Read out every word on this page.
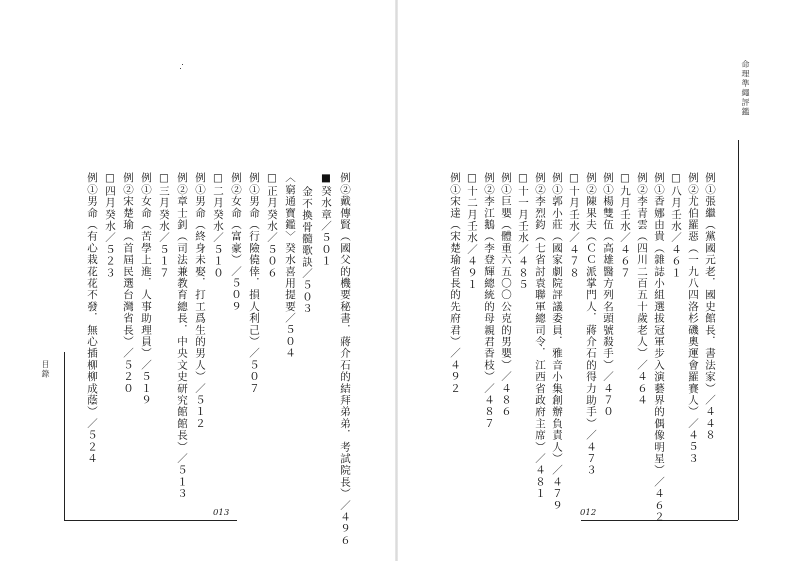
目錄
013	例②戴傳賢（國父的機要秘書．蔣介石的結拜弟弟．考試院長）／４９６
■癸水章／５０１
金不換骨髓歌訣／５０３
〈窮通寶鑑〉癸水喜用提要／５０４
□正月癸水／５０６
例①男命（行險僥倖．損人利己）／５０７
例②女命（富豪）／５０９
□二月癸水／５１０
例①男命（終身未娶．打工爲生的男人）／５１２
例②章士釗（司法兼教育總長．中央文史研究館館長）／５１３
□三月癸水／５１７
例①女命（苦學上進．人事助理員）／５１９
例②宋楚瑜（首屆民選台灣省長）／５２０
□四月癸水／５２３
例①男命（有心栽花花不發．無心插柳柳成蔭）／５２４
命理準繩評鑑
012
例①張繼（黨國元老．國史館長．書法家）／４４８
例②尤伯羅惡（一九八四洛杉磯奧運會羅賽人）／４５３
□八月壬水／４６１
例①香娜由貴（雜誌小組選拔冠軍步入演藝界的偶像明星）／４６２
例②李青雲（四川二百五十歲老人）／４６４
□九月壬水／４６７
例①楊雙伍（高雄醫方列名頭號殺手）／４７０
例②陳果夫（ＣＣ派掌門人．蔣介石的得力助手）／４７３
□十月壬水／４７８
例①郭小莊（國家劇院評議委員．雅音小集創辦負責人）／４７９
例②李烈鈞（七省討袁聯軍總司令．江西省政府主席）／４８１
□十一月壬水／４８５
例①巨嬰（體重六五〇〇公克的男嬰）／４８６
例②李江鵝（李登輝總統的母親君香枝）／４８７
□十二月壬水／４９１
例①宋達（宋楚瑜省長的先府君）／４９２
